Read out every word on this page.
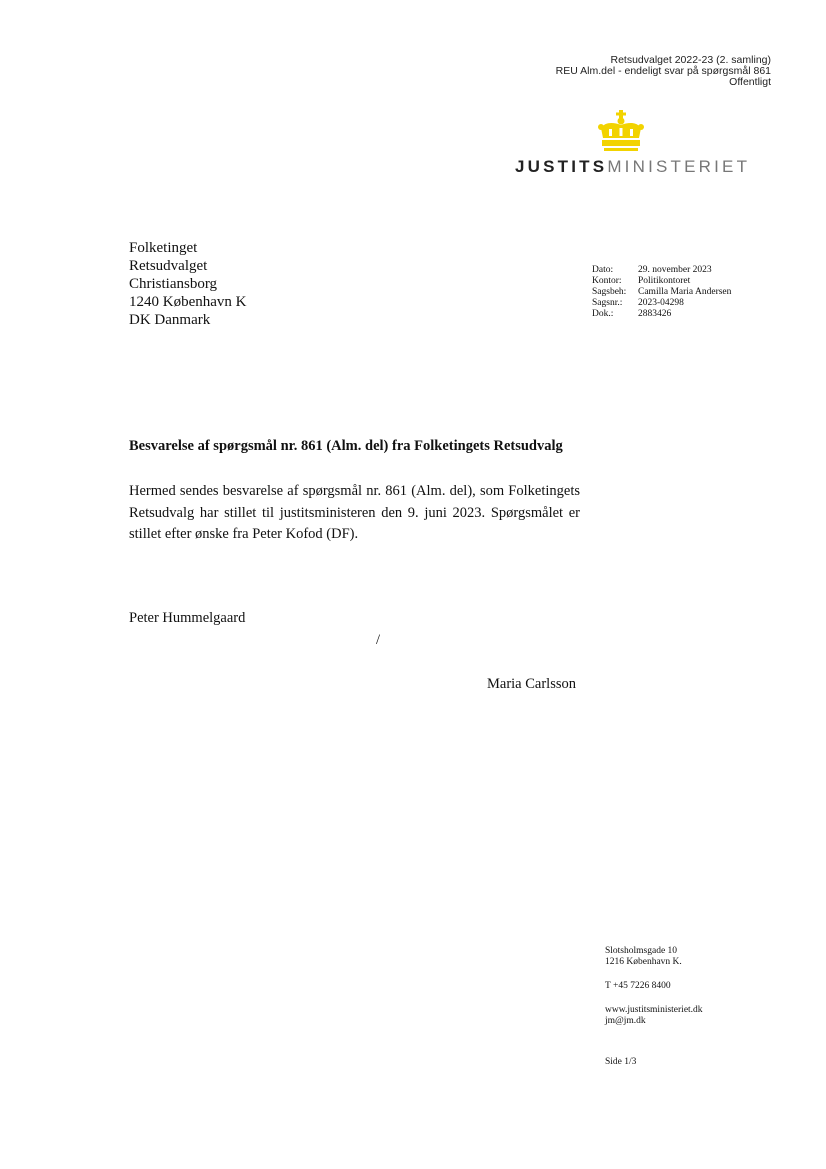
Retsudvalget 2022-23 (2. samling)
REU Alm.del - endeligt svar på spørgsmål 861
Offentligt
JUSTITSMINISTERIET
Folketinget
Retsudvalget
Christiansborg
1240 København K
DK Danmark
Dato:	29. november 2023
Kontor:	Politikontoret
Sagsbeh:	Camilla Maria Andersen
Sagsnr.:	2023-04298
Dok.:	2883426
Besvarelse af spørgsmål nr. 861 (Alm. del) fra Folketingets Retsudvalg
Hermed sendes besvarelse af spørgsmål nr. 861 (Alm. del), som Folketingets Retsudvalg har stillet til justitsministeren den 9. juni 2023. Spørgsmålet er stillet efter ønske fra Peter Kofod (DF).
Peter Hummelgaard
/
Maria Carlsson
Slotsholmsgade 10
1216 København K.
T +45 7226 8400
www.justitsministeriet.dk
jm@jm.dk
Side 1/3
